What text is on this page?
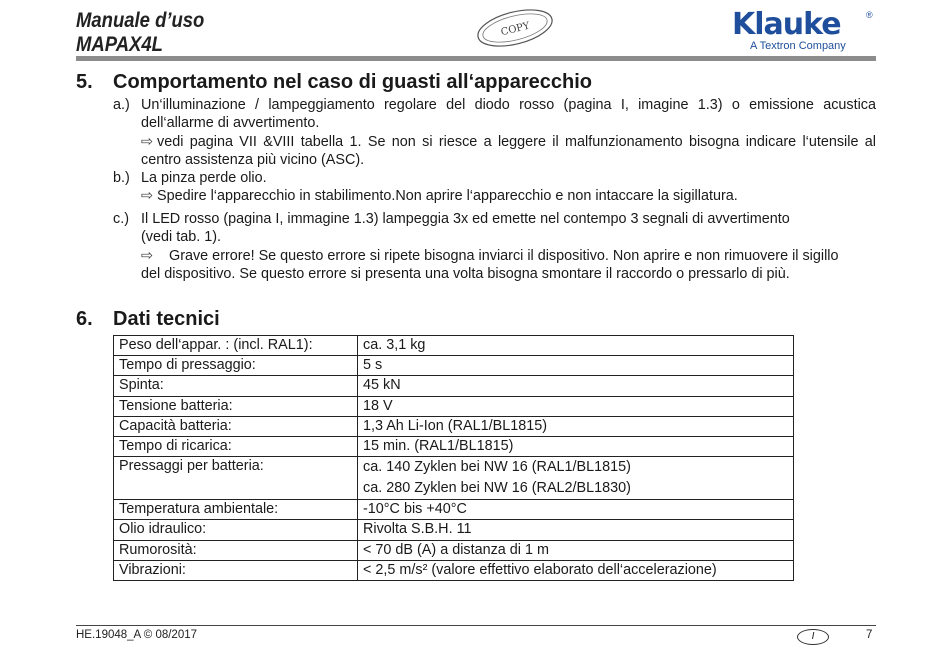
Manuale d’uso
MAPAX4L
COPY	Klauke	®
A Textron Company
5. Comportamento nel caso di guasti all‘apparecchio
a.) Un‘illuminazione / lampeggiamento regolare del diodo rosso (pagina I, imagine 1.3) o emissione acustica
dell‘allarme di avvertimento.
⇨ vedi pagina VII &VIII tabella 1. Se non si riesce a leggere il malfunzionamento bisogna indicare l‘utensile al
centro assistenza più vicino (ASC).
b.) La pinza perde olio.
⇨ Spedire l‘apparecchio in stabilimento.Non aprire l‘apparecchio e non intaccare la sigillatura.
c.) Il LED rosso (pagina I, immagine 1.3) lampeggia 3x ed emette nel contempo 3 segnali di avvertimento
(vedi tab. 1).
⇨ Grave errore! Se questo errore si ripete bisogna inviarci il dispositivo. Non aprire e non rimuovere il sigillo
del dispositivo. Se questo errore si presenta una volta bisogna smontare il raccordo o pressarlo di più.
6. Dati tecnici
Peso dell‘appar. : (incl. RAL1):	ca. 3,1 kg
Tempo di pressaggio:	5 s
Spinta:	45 kN
Tensione batteria:	18 V
Capacità batteria:	1,3 Ah Li-Ion (RAL1/BL1815)
Tempo di ricarica:	15 min. (RAL1/BL1815)
Pressaggi per batteria:	ca. 140 Zyklen bei NW 16 (RAL1/BL1815)
ca. 280 Zyklen bei NW 16 (RAL2/BL1830)

Temperatura ambientale:	-10°C bis +40°C
Olio idraulico:	Rivolta S.B.H. 11
Rumorosità:	< 70 dB (A) a distanza di 1 m
Vibrazioni:	< 2,5 m/s² (valore effettivo elaborato dell‘accelerazione)
HE.19048_A © 08/2017	I	7
